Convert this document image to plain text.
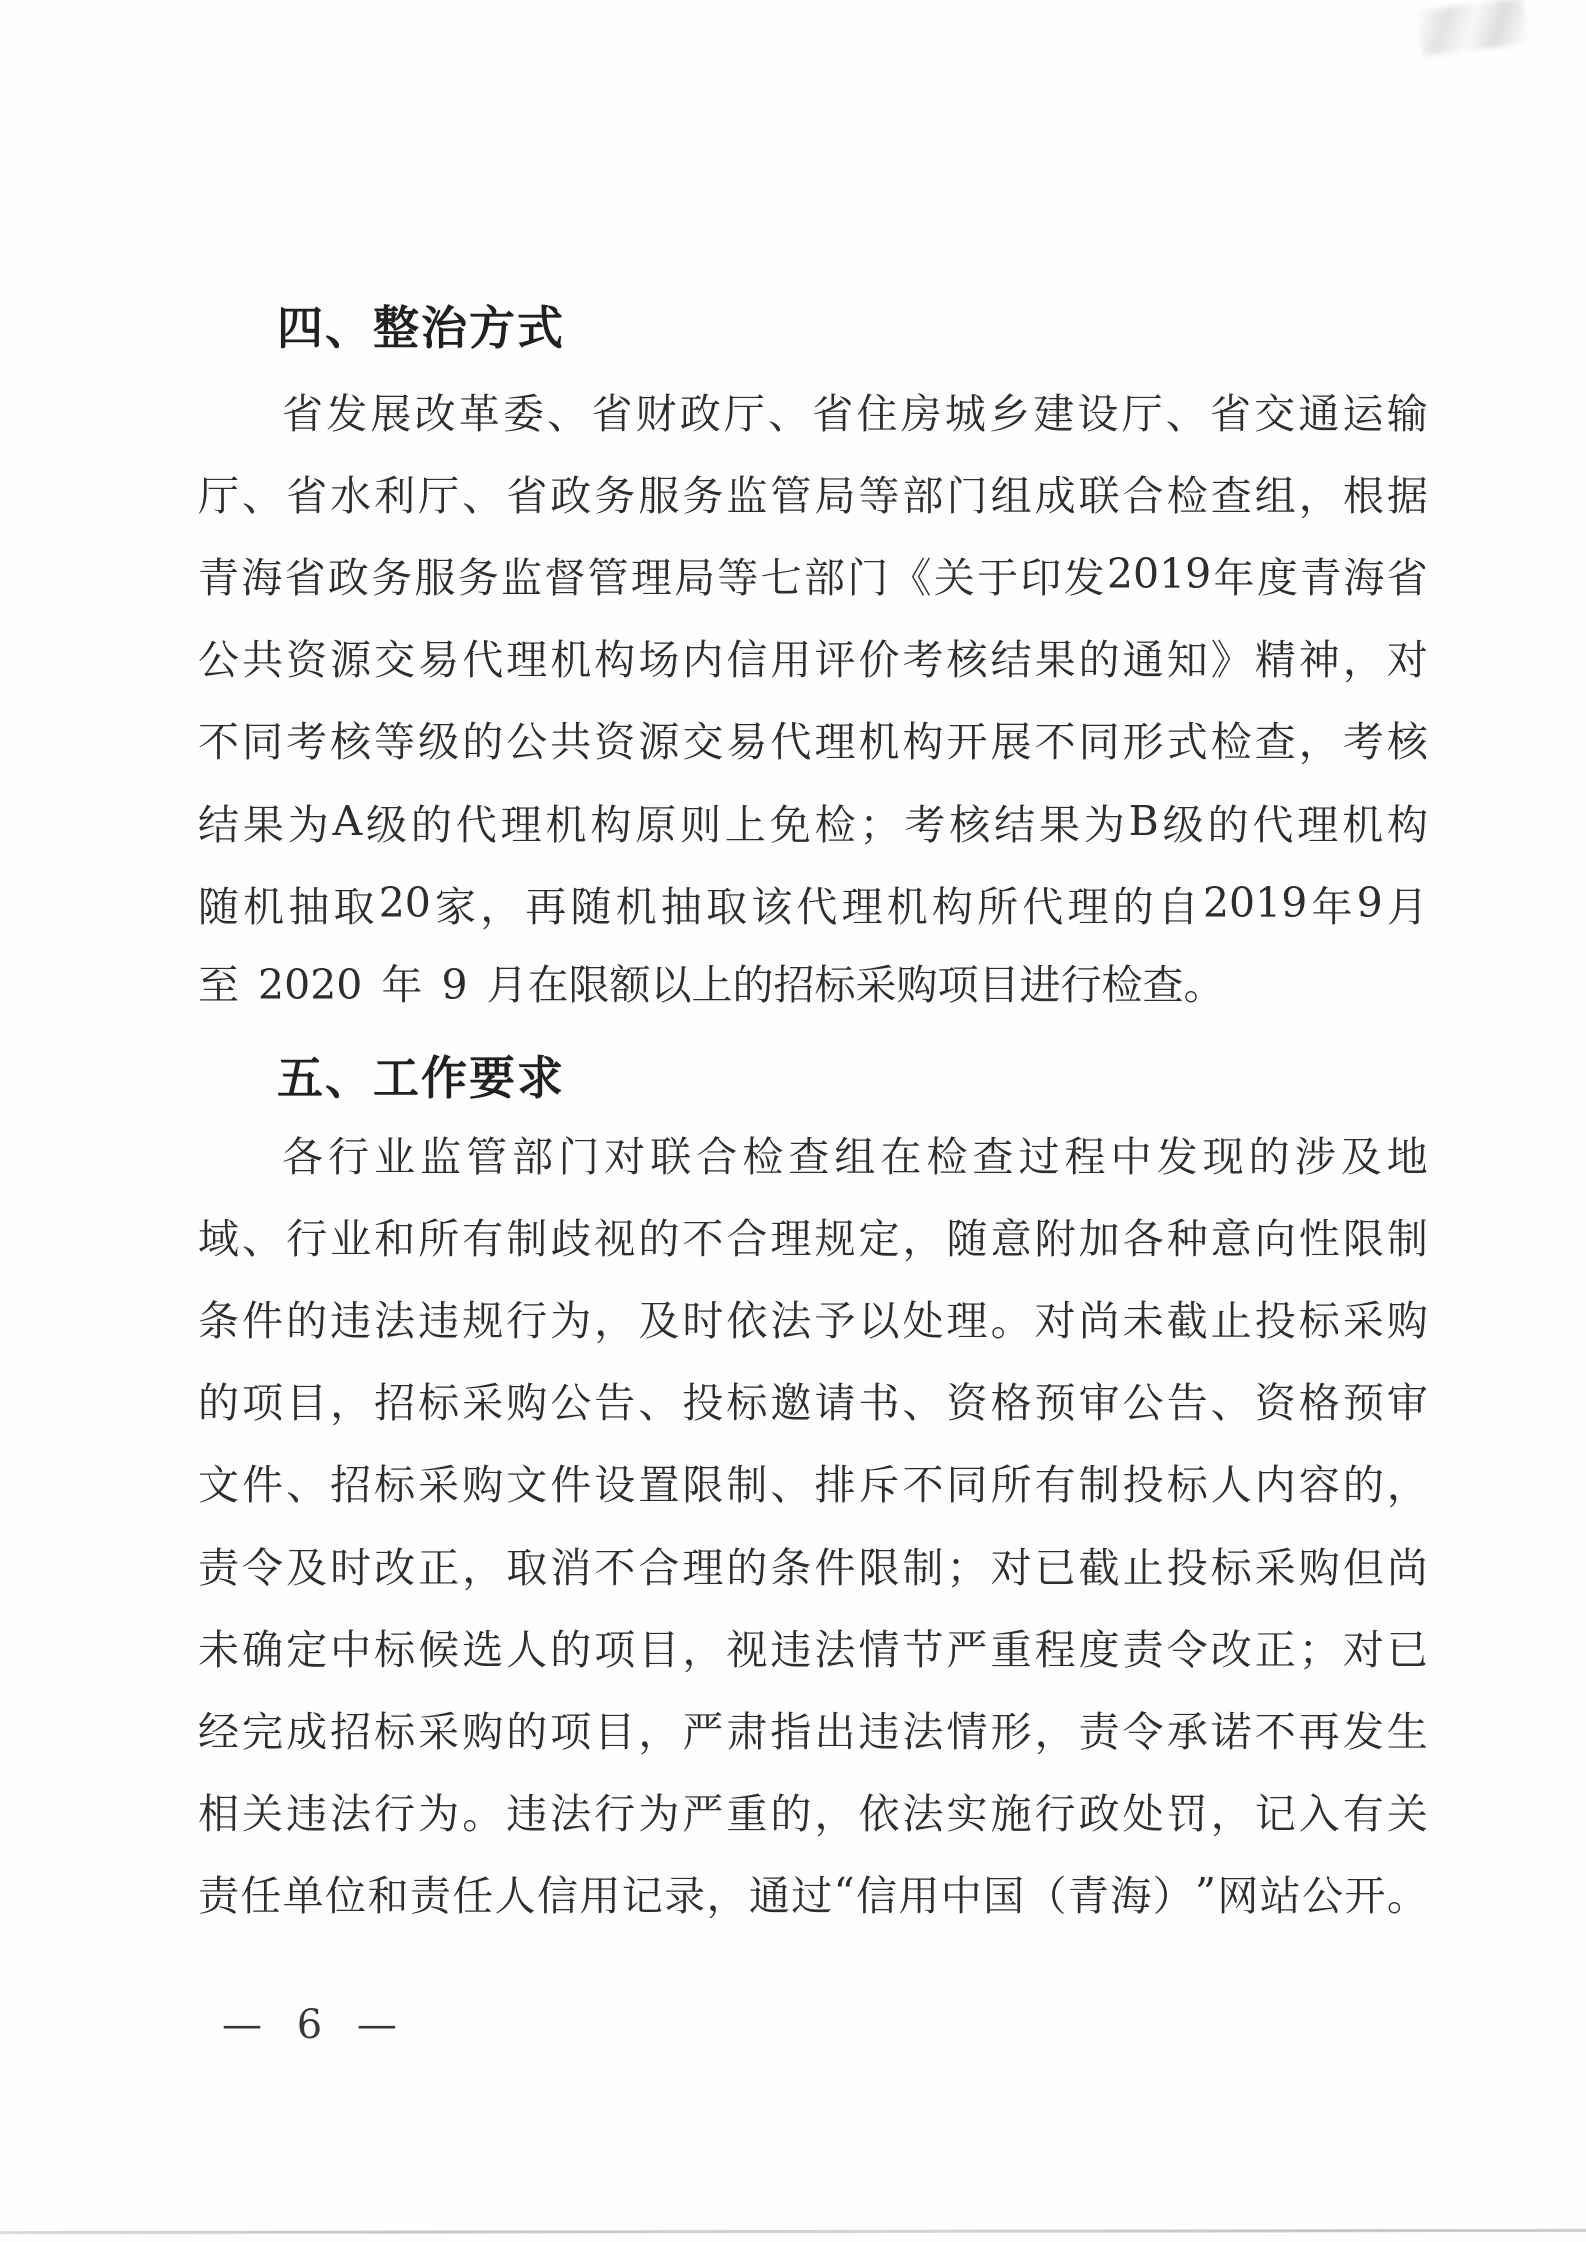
四、整治方式
省 发 展 改 革 委 、 省 财 政 厅 、 省 住 房 城 乡 建 设 厅 、 省 交 通 运 输
厅 、 省 水 利 厅 、 省 政 务 服 务 监 管 局 等 部 门 组 成 联 合 检 查 组 ， 根 据
青 海 省 政 务 服 务 监 督 管 理 局 等 七 部 门 《 关 于 印 发 2019 年 度 青 海 省
公 共 资 源 交 易 代 理 机 构 场 内 信 用 评 价 考 核 结 果 的 通 知 》 精 神 ， 对
不 同 考 核 等 级 的 公 共 资 源 交 易 代 理 机 构 开 展 不 同 形 式 检 查 ， 考 核
结 果 为 A 级 的 代 理 机 构 原 则 上 免 检 ； 考 核 结 果 为 B 级 的 代 理 机 构
随 机 抽 取 20 家 ， 再 随 机 抽 取 该 代 理 机 构 所 代 理 的 自 2019 年 9 月
至 2020 年 9 月在限额以上的招标采购项目进行检查。
五、工作要求
各 行 业 监 管 部 门 对 联 合 检 查 组 在 检 查 过 程 中 发 现 的 涉 及 地
域 、 行 业 和 所 有 制 歧 视 的 不 合 理 规 定 ， 随 意 附 加 各 种 意 向 性 限 制
条 件 的 违 法 违 规 行 为 ， 及 时 依 法 予 以 处 理 。 对 尚 未 截 止 投 标 采 购
的 项 目 ， 招 标 采 购 公 告 、 投 标 邀 请 书 、 资 格 预 审 公 告 、 资 格 预 审
文 件 、 招 标 采 购 文 件 设 置 限 制 、 排 斥 不 同 所 有 制 投 标 人 内 容 的 ，
责 令 及 时 改 正 ， 取 消 不 合 理 的 条 件 限 制 ； 对 已 截 止 投 标 采 购 但 尚
未 确 定 中 标 候 选 人 的 项 目 ， 视 违 法 情 节 严 重 程 度 责 令 改 正 ； 对 已
经 完 成 招 标 采 购 的 项 目 ， 严 肃 指 出 违 法 情 形 ， 责 令 承 诺 不 再 发 生
相 关 违 法 行 为 。 违 法 行 为 严 重 的 ， 依 法 实 施 行 政 处 罚 ， 记 入 有 关
责 任 单 位 和 责 任 人 信 用 记 录 ， 通 过 “ 信 用 中 国 （ 青 海 ） ” 网 站 公 开 。
— 6 —
